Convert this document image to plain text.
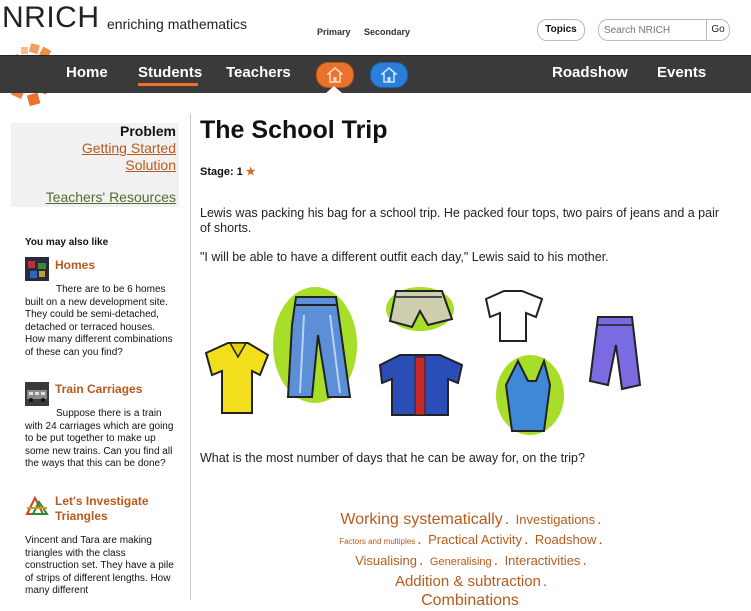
NRICH enriching mathematics	Primary Secondary	Topics
Search NRICH	Go
Home Students Teachers	Roadshow Events
Problem
Getting Started
Solution
Teachers' Resources
You may also like
Homes
There are to be 6 homes built on a new development site. They could be semi-detached, detached or terraced houses. How many different combinations of these can you find?
Train Carriages
Suppose there is a train with 24 carriages which are going to be put together to make up some new trains. Can you find all the ways that this can be done?
Let's Investigate Triangles
Vincent and Tara are making triangles with the class construction set. They have a pile of strips of different lengths. How many different
The School Trip
Stage: 1 ★
Lewis was packing his bag for a school trip. He packed four tops, two pairs of jeans and a pair of shorts.
"I will be able to have a different outfit each day," Lewis said to his mother.
What is the most number of days that he can be away for, on the trip?
Working systematically . Investigations .
Factors and multiples . Practical Activity . Roadshow .
Visualising . Generalising . Interactivities .
Addition & subtraction .
Combinations
